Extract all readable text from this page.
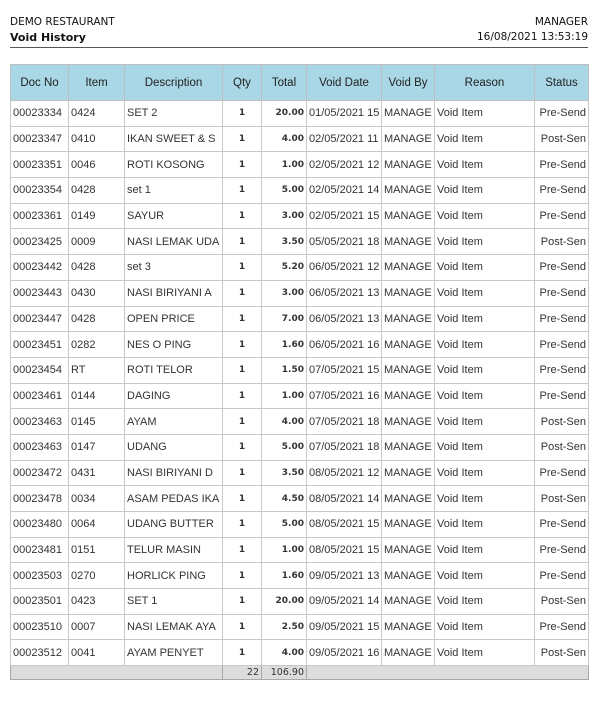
DEMO RESTAURANT
Void History
MANAGER
16/08/2021 13:53:19
Doc No	Item	Description	Qty	Total	Void Date	Void By	Reason	Status
00023334	0424	SET 2	1	20.00	01/05/2021 15	MANAGE	Void Item	Pre-Send
00023347	0410	IKAN SWEET & S	1	4.00	02/05/2021 11	MANAGE	Void Item	Post-Sen
00023351	0046	ROTI KOSONG	1	1.00	02/05/2021 12	MANAGE	Void Item	Pre-Send
00023354	0428	set 1	1	5.00	02/05/2021 14	MANAGE	Void Item	Pre-Send
00023361	0149	SAYUR	1	3.00	02/05/2021 15	MANAGE	Void Item	Pre-Send
00023425	0009	NASI LEMAK UDA	1	3.50	05/05/2021 18	MANAGE	Void Item	Post-Sen
00023442	0428	set 3	1	5.20	06/05/2021 12	MANAGE	Void Item	Pre-Send
00023443	0430	NASI BIRIYANI A	1	3.00	06/05/2021 13	MANAGE	Void Item	Pre-Send
00023447	0428	OPEN PRICE	1	7.00	06/05/2021 13	MANAGE	Void Item	Pre-Send
00023451	0282	NES O PING	1	1.60	06/05/2021 16	MANAGE	Void Item	Pre-Send
00023454	RT	ROTI TELOR	1	1.50	07/05/2021 15	MANAGE	Void Item	Pre-Send
00023461	0144	DAGING	1	1.00	07/05/2021 16	MANAGE	Void Item	Pre-Send
00023463	0145	AYAM	1	4.00	07/05/2021 18	MANAGE	Void Item	Post-Sen
00023463	0147	UDANG	1	5.00	07/05/2021 18	MANAGE	Void Item	Post-Sen
00023472	0431	NASI BIRIYANI D	1	3.50	08/05/2021 12	MANAGE	Void Item	Pre-Send
00023478	0034	ASAM PEDAS IKA	1	4.50	08/05/2021 14	MANAGE	Void Item	Post-Sen
00023480	0064	UDANG BUTTER	1	5.00	08/05/2021 15	MANAGE	Void Item	Pre-Send
00023481	0151	TELUR MASIN	1	1.00	08/05/2021 15	MANAGE	Void Item	Pre-Send
00023503	0270	HORLICK PING	1	1.60	09/05/2021 13	MANAGE	Void Item	Pre-Send
00023501	0423	SET 1	1	20.00	09/05/2021 14	MANAGE	Void Item	Post-Sen
00023510	0007	NASI LEMAK AYA	1	2.50	09/05/2021 15	MANAGE	Void Item	Pre-Send
00023512	0041	AYAM PENYET	1	4.00	09/05/2021 16	MANAGE	Void Item	Post-Sen
			22	106.90				
